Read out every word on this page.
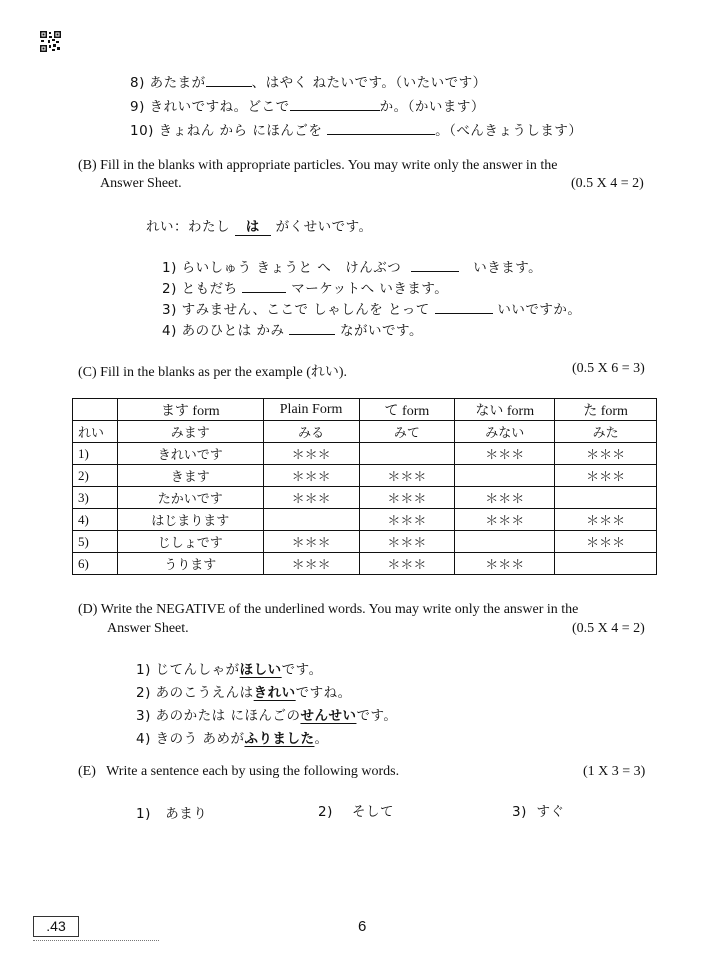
8) あたまが	、はやく ねたいです。（いたいです）
9) きれいですね。どこで	か。（かいます）
10) きょねん から にほんごを	。（べんきょうします）
(B) Fill in the blanks with appropriate particles. You may write only the answer in the
Answer Sheet.	(0.5 X 4 = 2)
れい：わたし は がくせいです。
1) らいしゅう きょうと へ　けんぶつ	いきます。
2) ともだち	マーケットへ いきます。
3) すみません、ここで しゃしんを とって	いいですか。
4) あのひとは かみ	ながいです。
(C) Fill in the blanks as per the example (れい).	(0.5 X 6 = 3)
	ます form	Plain Form	て form	ない form	た form
れい	みます	みる	みて	みない	みた
1)	きれいです	＊＊＊		＊＊＊	＊＊＊
2)	きます	＊＊＊	＊＊＊		＊＊＊
3)	たかいです	＊＊＊	＊＊＊	＊＊＊	
4)	はじまります		＊＊＊	＊＊＊	＊＊＊
5)	じしょです	＊＊＊	＊＊＊		＊＊＊
6)	うります	＊＊＊	＊＊＊	＊＊＊	
(D) Write the NEGATIVE of the underlined words. You may write only the answer in the
Answer Sheet.	(0.5 X 4 = 2)
1) じてんしゃがほしいです。
2) あのこうえんはきれいですね。
3) あのかたは にほんごのせんせいです。
4) きのう あめがふりました。
(E) Write a sentence each by using the following words.	(1 X 3 = 3)
1) あまり	2) そして	3) すぐ
.43	6
